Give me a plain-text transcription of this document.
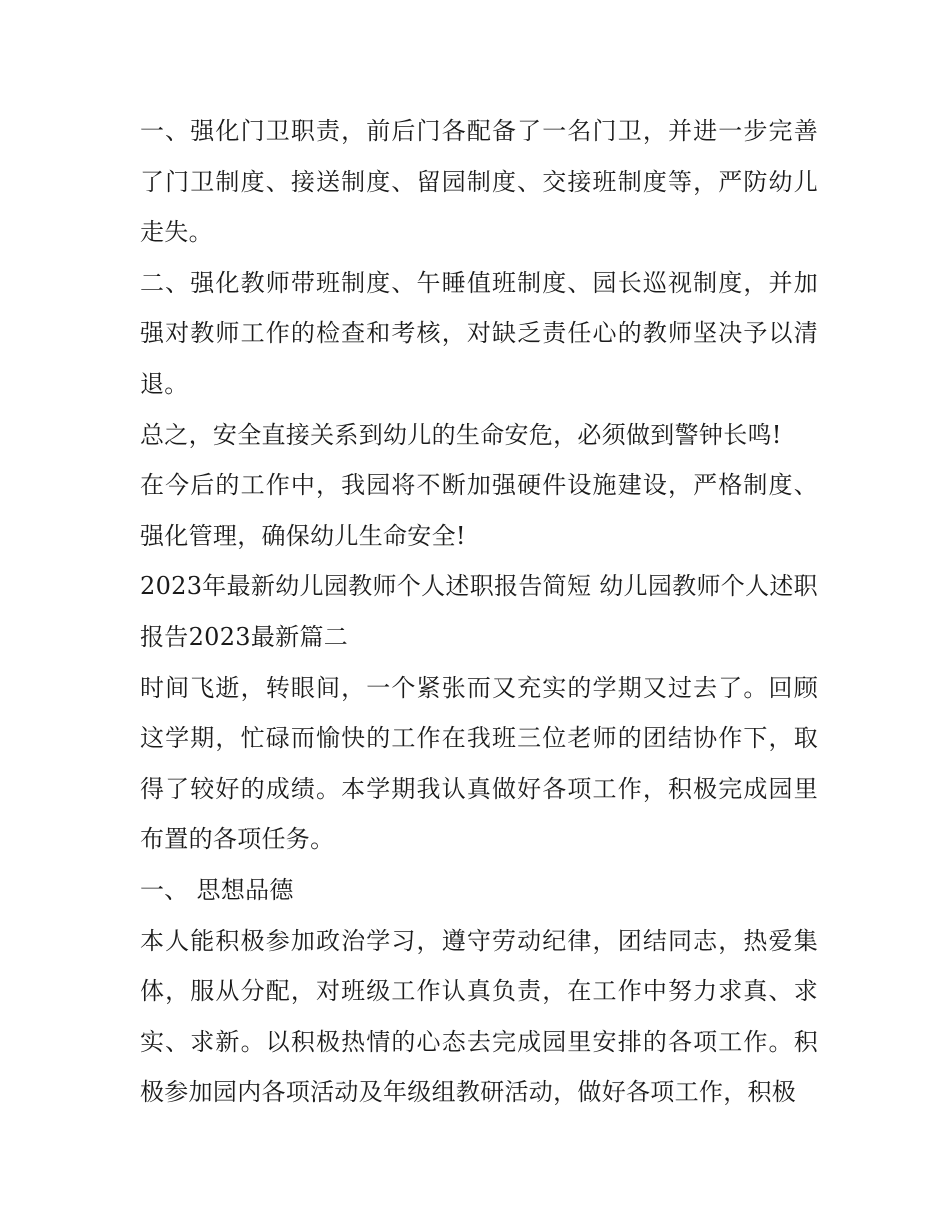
一、强化门卫职责，前后门各配备了一名门卫，并进一步完善了门卫制度、接送制度、留园制度、交接班制度等，严防幼儿走失。

二、强化教师带班制度、午睡值班制度、园长巡视制度，并加强对教师工作的检查和考核，对缺乏责任心的教师坚决予以清退。

总之，安全直接关系到幼儿的生命安危，必须做到警钟长鸣!

在今后的工作中，我园将不断加强硬件设施建设，严格制度、强化管理，确保幼儿生命安全!

2023年最新幼儿园教师个人述职报告简短 幼儿园教师个人述职报告2023最新篇二

时间飞逝，转眼间，一个紧张而又充实的学期又过去了。回顾这学期，忙碌而愉快的工作在我班三位老师的团结协作下，取得了较好的成绩。本学期我认真做好各项工作，积极完成园里布置的各项任务。

一、 思想品德

本人能积极参加政治学习，遵守劳动纪律，团结同志，热爱集体，服从分配，对班级工作认真负责，在工作中努力求真、求实、求新。以积极热情的心态去完成园里安排的各项工作。积极参加园内各项活动及年级组教研活动，做好各项工作，积极
